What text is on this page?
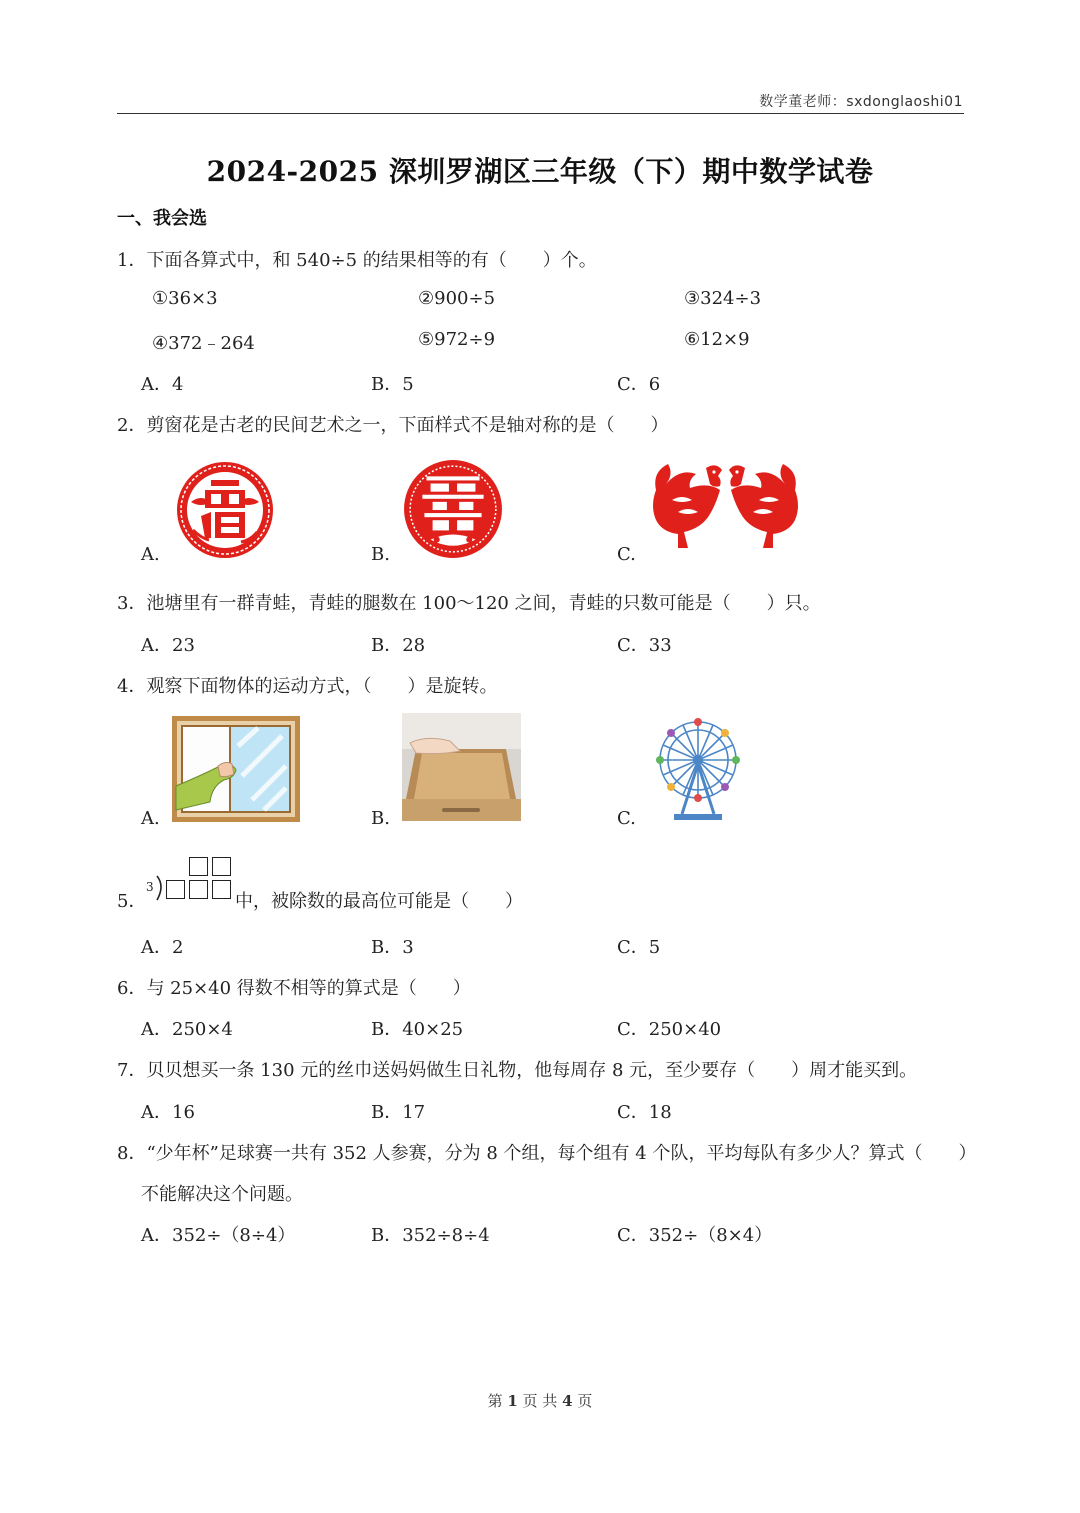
数学董老师：sxdonglaoshi01
2024-2025 深圳罗湖区三年级（下）期中数学试卷
一、我会选
1．下面各算式中，和 540÷5 的结果相等的有（　　）个。
①36×3	②900÷5	③324÷3
④372﹣264	⑤972÷9	⑥12×9
A．4	B．5	C．6
2．剪窗花是古老的民间艺术之一，下面样式不是轴对称的是（　　）
A.	B.	C.
3．池塘里有一群青蛙，青蛙的腿数在 100～120 之间，青蛙的只数可能是（　　）只。
A．23	B．28	C．33
4．观察下面物体的运动方式，（　　）是旋转。
A.	B.	C.
5．
3
中，被除数的最高位可能是（　　）
A．2	B．3	C．5
6．与 25×40 得数不相等的算式是（　　）
A．250×4	B．40×25	C．250×40
7．贝贝想买一条 130 元的丝巾送妈妈做生日礼物，他每周存 8 元，至少要存（　　）周才能买到。
A．16	B．17	C．18
8．“少年杯”足球赛一共有 352 人参赛，分为 8 个组，每个组有 4 个队，平均每队有多少人？算式（　　）
不能解决这个问题。
A．352÷（8÷4）	B．352÷8÷4	C．352÷（8×4）
第 1 页 共 4 页
